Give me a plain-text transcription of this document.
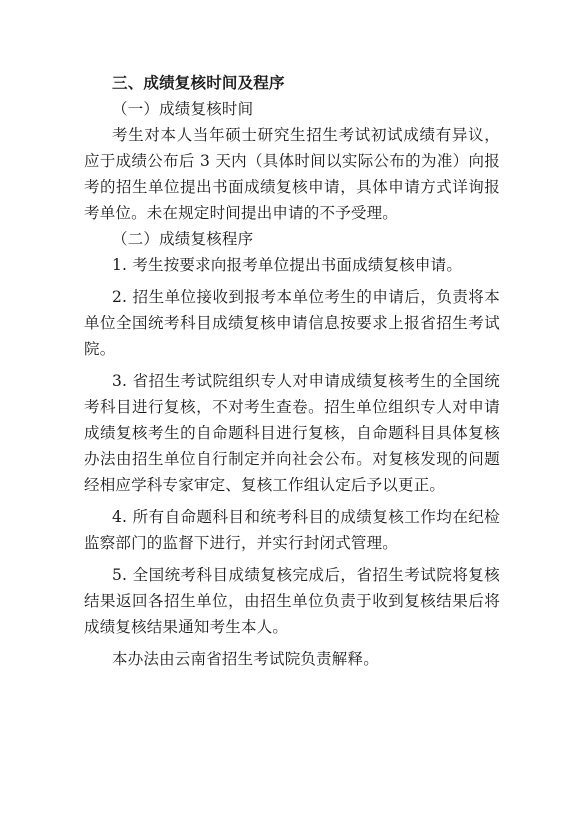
三、成绩复核时间及程序

（一）成绩复核时间

考生对本人当年硕士研究生招生考试初试成绩有异议，应于成绩公布后 3 天内（具体时间以实际公布的为准）向报考的招生单位提出书面成绩复核申请，具体申请方式详询报考单位。未在规定时间提出申请的不予受理。

（二）成绩复核程序

1. 考生按要求向报考单位提出书面成绩复核申请。

2. 招生单位接收到报考本单位考生的申请后，负责将本单位全国统考科目成绩复核申请信息按要求上报省招生考试院。

3. 省招生考试院组织专人对申请成绩复核考生的全国统考科目进行复核，不对考生查卷。招生单位组织专人对申请成绩复核考生的自命题科目进行复核，自命题科目具体复核办法由招生单位自行制定并向社会公布。对复核发现的问题经相应学科专家审定、复核工作组认定后予以更正。

4. 所有自命题科目和统考科目的成绩复核工作均在纪检监察部门的监督下进行，并实行封闭式管理。

5. 全国统考科目成绩复核完成后，省招生考试院将复核结果返回各招生单位，由招生单位负责于收到复核结果后将成绩复核结果通知考生本人。

本办法由云南省招生考试院负责解释。
